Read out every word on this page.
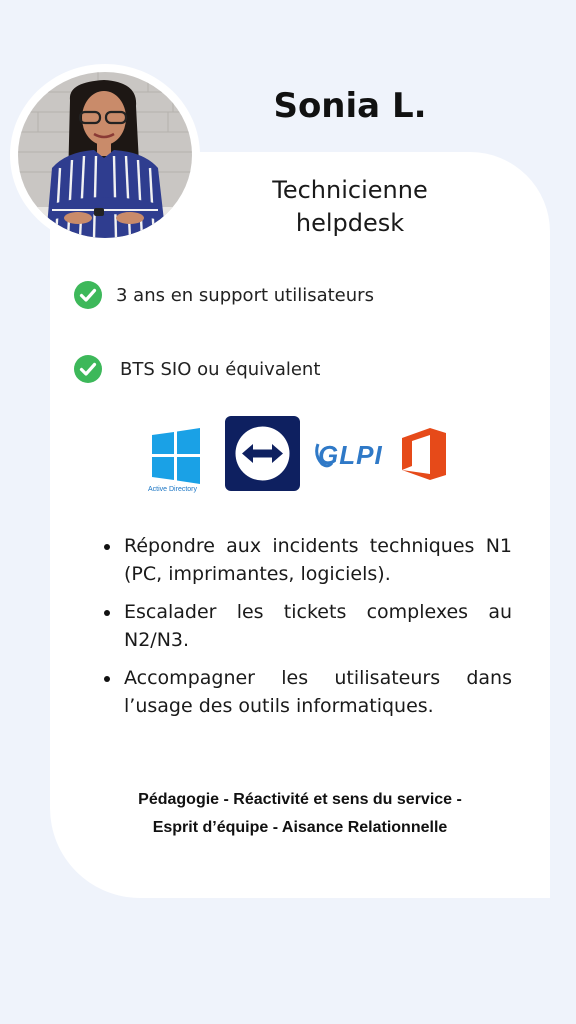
Sonia L.
Technicienne
helpdesk
3 ans en support utilisateurs
BTS SIO ou équivalent
Active Directory
GLPI
Répondre aux incidents techniques N1 (PC, imprimantes, logiciels).
Escalader les tickets complexes au N2/N3.
Accompagner les utilisateurs dans l’usage des outils informatiques.
Pédagogie - Réactivité et sens du service -
Esprit d’équipe - Aisance Relationnelle
